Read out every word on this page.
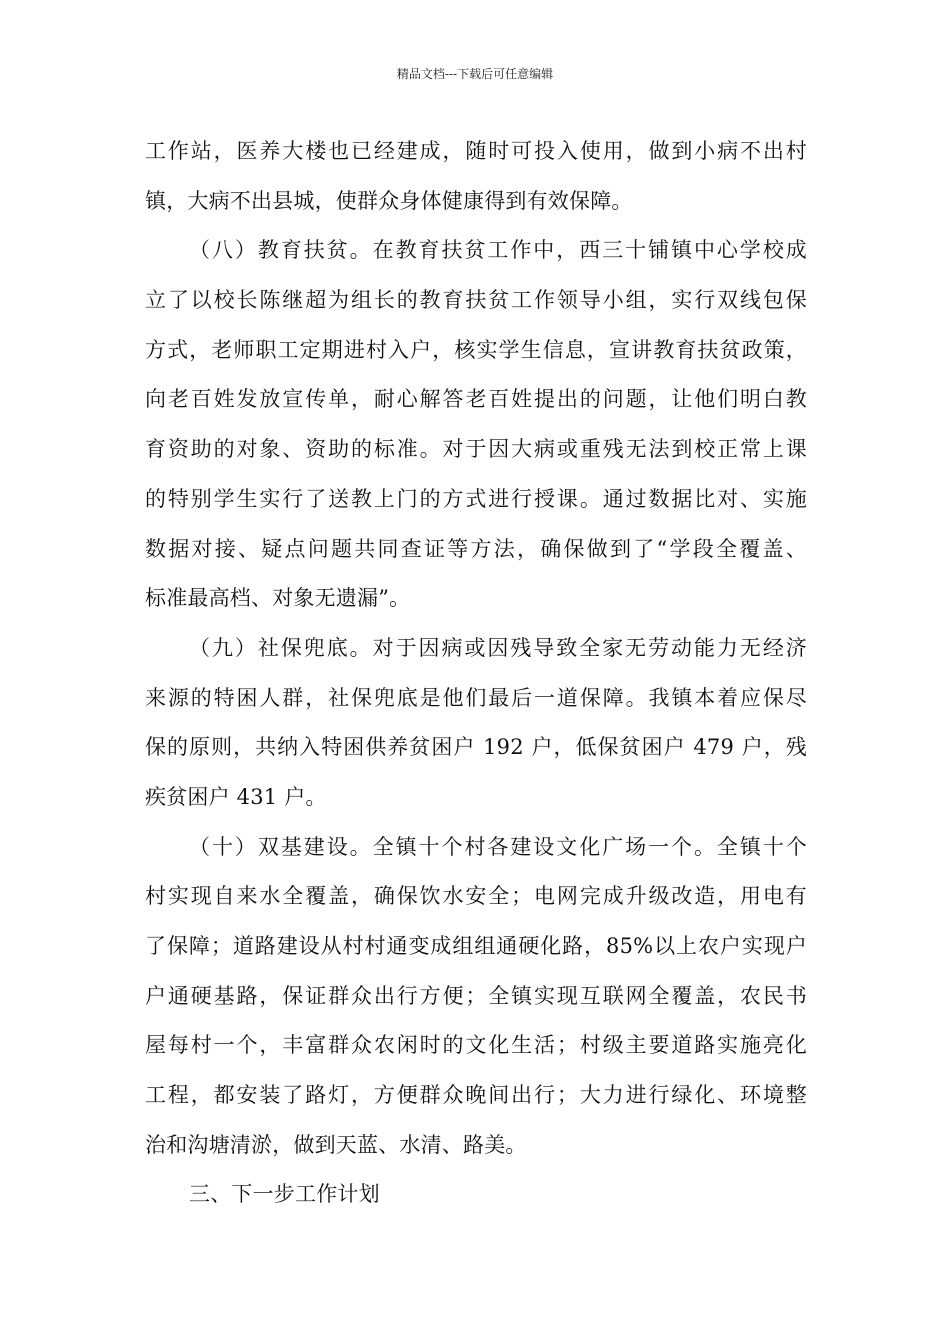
精品文档---下载后可任意编辑
工作站，医养大楼也已经建成，随时可投入使用，做到小病不出村
镇，大病不出县城，使群众身体健康得到有效保障。
（八）教育扶贫。在教育扶贫工作中，西三十铺镇中心学校成
立了以校长陈继超为组长的教育扶贫工作领导小组，实行双线包保
方式，老师职工定期进村入户，核实学生信息，宣讲教育扶贫政策，
向老百姓发放宣传单，耐心解答老百姓提出的问题，让他们明白教
育资助的对象、资助的标准。对于因大病或重残无法到校正常上课
的特别学生实行了送教上门的方式进行授课。通过数据比对、实施
数据对接、疑点问题共同查证等方法，确保做到了“学段全覆盖、
标准最高档、对象无遗漏”。
（九）社保兜底。对于因病或因残导致全家无劳动能力无经济
来源的特困人群，社保兜底是他们最后一道保障。我镇本着应保尽
保的原则，共纳入特困供养贫困户 192 户，低保贫困户 479 户，残
疾贫困户 431 户。
（十）双基建设。全镇十个村各建设文化广场一个。全镇十个
村实现自来水全覆盖，确保饮水安全；电网完成升级改造，用电有
了保障；道路建设从村村通变成组组通硬化路，85%以上农户实现户
户通硬基路，保证群众出行方便；全镇实现互联网全覆盖，农民书
屋每村一个，丰富群众农闲时的文化生活；村级主要道路实施亮化
工程，都安装了路灯，方便群众晚间出行；大力进行绿化、环境整
治和沟塘清淤，做到天蓝、水清、路美。
三、下一步工作计划
